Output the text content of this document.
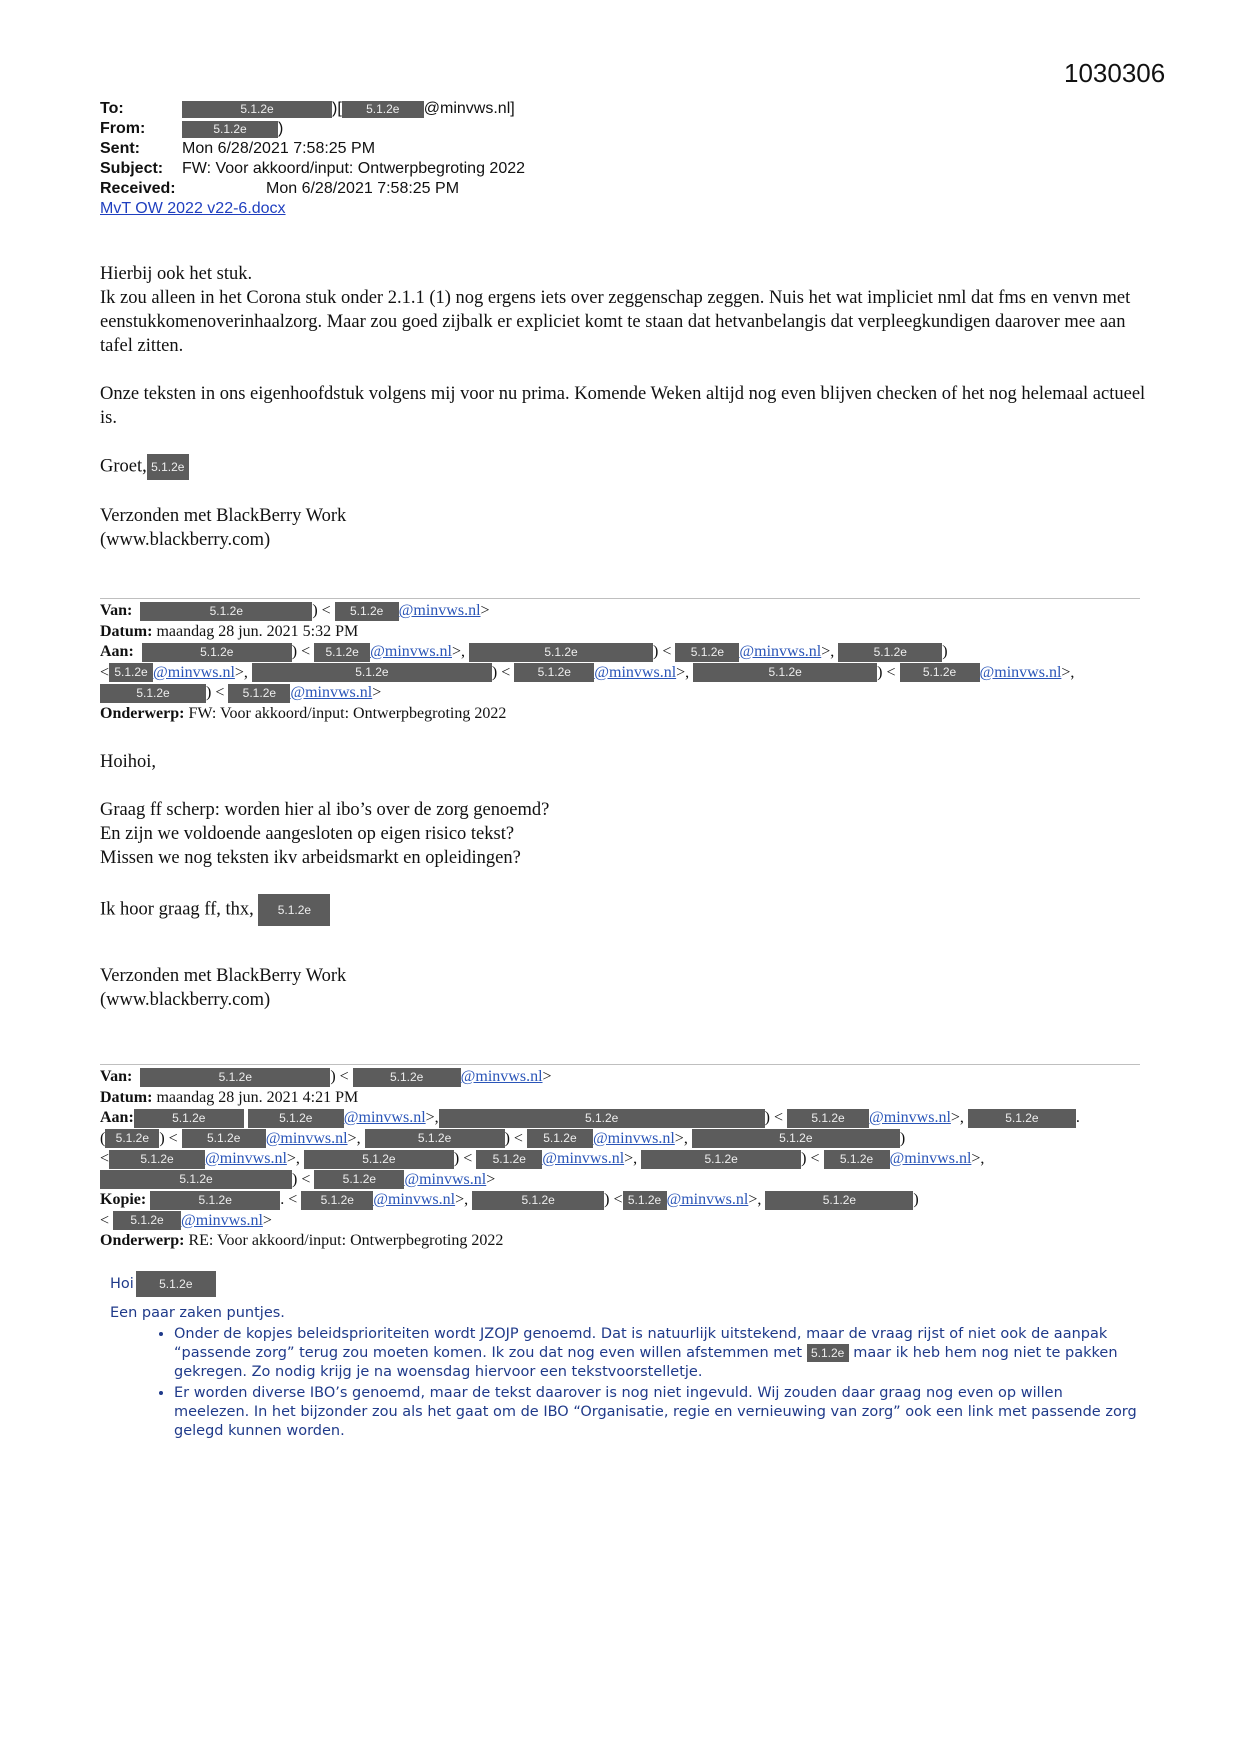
1030306
To:	5.1.2e	)[	5.1.2e	@minvws.nl]
From:	5.1.2e	)
Sent:	Mon 6/28/2021 7:58:25 PM
Subject:	FW: Voor akkoord/input: Ontwerpbegroting 2022
Received:	Mon 6/28/2021 7:58:25 PM
MvT OW 2022 v22-6.docx
Hierbij ook het stuk.

Ik zou alleen in het Corona stuk onder 2.1.1 (1) nog ergens iets over zeggenschap zeggen. Nuis het wat impliciet nml dat fms en venvn met eenstukkomenoverinhaalzorg. Maar zou goed zijbalk er expliciet komt te staan dat hetvanbelangis dat verpleegkundigen daarover mee aan tafel zitten.

Onze teksten in ons eigenhoofdstuk volgens mij voor nu prima. Komende Weken altijd nog even blijven checken of het nog helemaal actueel is.

Groet, 5.1.2e

Verzonden met BlackBerry Work
(www.blackberry.com)
Van:
	5.1.2e	) <
	5.1.2e @minvws.nl >
Datum:
maandag 28 jun. 2021 5:32 PM
Aan:
	5.1.2e	) <
	5.1.2e @minvws.nl >,
	5.1.2e	) <
	5.1.2e @minvws.nl >,
	5.1.2e	)
< 5.1.2e @minvws.nl >,
	5.1.2e	) <
	5.1.2e	@minvws.nl >,
	5.1.2e	) <
	5.1.2e	@minvws.nl >,
5.1.2e	) <
	5.1.2e @minvws.nl >
Onderwerp:
FW: Voor akkoord/input: Ontwerpbegroting 2022

Hoihoi,

Graag ff scherp: worden hier al ibo’s over de zorg genoemd?
En zijn we voldoende aangesloten op eigen risico tekst?

Missen we nog teksten ikv arbeidsmarkt en opleidingen?

Ik hoor graag ff, thx, 5.1.2e

Verzonden met BlackBerry Work
(www.blackberry.com)
Van:
	5.1.2e	) <
	5.1.2e	@minvws.nl >
Datum:
maandag 28 jun. 2021 4:21 PM
Aan:	5.1.2e
	5.1.2e	@minvws.nl >,	5.1.2e	) <
	5.1.2e	@minvws.nl >,
	5.1.2e	.
( 5.1.2e ) <
	5.1.2e	@minvws.nl >,
	5.1.2e	) <
	5.1.2e	@minvws.nl >,
	5.1.2e	)
<	5.1.2e	@minvws.nl >,
	5.1.2e	) <
	5.1.2e	@minvws.nl >,
	5.1.2e	) <
	5.1.2e	@minvws.nl >,
5.1.2e	) <
	5.1.2e	@minvws.nl >
Kopie:
	5.1.2e	. <
	5.1.2e	@minvws.nl >,
	5.1.2e	) < 5.1.2e @minvws.nl >,
	5.1.2e	)
<
	5.1.2e	@minvws.nl >
Onderwerp:
RE: Voor akkoord/input: Ontwerpbegroting 2022
Hoi	5.1.2e
Een paar zaken puntjes.
• Onder de kopjes beleidsprioriteiten wordt JZOJP genoemd. Dat is natuurlijk uitstekend, maar de vraag rijst of niet ook de aanpak “passende zorg” terug zou moeten komen. Ik zou dat nog even willen afstemmen met 5.1.2e maar ik heb hem nog niet te pakken gekregen. Zo nodig krijg je na woensdag hiervoor een tekstvoorstelletje.
• Er worden diverse IBO’s genoemd, maar de tekst daarover is nog niet ingevuld. Wij zouden daar graag nog even op willen meelezen. In het bijzonder zou als het gaat om de IBO “Organisatie, regie en vernieuwing van zorg” ook een link met passende zorg gelegd kunnen worden.
